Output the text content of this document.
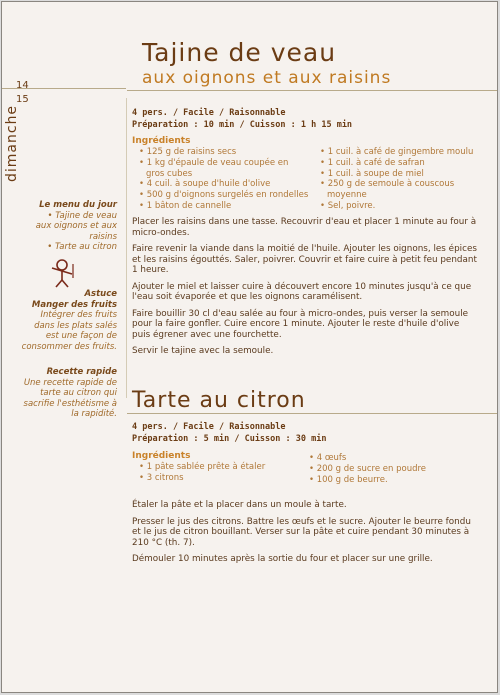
14
15
dimanche
Tajine de veau
aux oignons et aux raisins
4 pers. / Facile / Raisonnable
Préparation : 10 min / Cuisson : 1 h 15 min
Ingrédients
• 125 g de raisins secs
• 1 kg d'épaule de veau coupée en gros cubes
• 4 cuil. à soupe d'huile d'olive
• 500 g d'oignons surgelés en rondelles
• 1 bâton de cannelle
• 1 cuil. à café de gingembre moulu
• 1 cuil. à café de safran
• 1 cuil. à soupe de miel
• 250 g de semoule à couscous moyenne
• Sel, poivre.

Placer les raisins dans une tasse. Recouvrir d'eau et placer 1 minute au four à micro-ondes.

Faire revenir la viande dans la moitié de l'huile. Ajouter les oignons, les épices et les raisins égouttés. Saler, poivrer. Couvrir et faire cuire à petit feu pendant 1 heure.

Ajouter le miel et laisser cuire à découvert encore 10 minutes jusqu'à ce que l'eau soit évaporée et que les oignons caramélisent.

Faire bouillir 30 cl d'eau salée au four à micro-ondes, puis verser la semoule pour la faire gonfler. Cuire encore 1 minute. Ajouter le reste d'huile d'olive puis égrener avec une fourchette.

Servir le tajine avec la semoule.

Le menu du jour
• Tajine de veau
aux oignons et aux
raisins
• Tarte au citron
Astuce
Manger des fruits
Intégrer des fruits
dans les plats salés
est une façon de
consommer des fruits.
Recette rapide
Une recette rapide de
tarte au citron qui
sacrifie l'esthétisme à
la rapidité.
Tarte au citron
4 pers. / Facile / Raisonnable
Préparation : 5 min / Cuisson : 30 min
Ingrédients
• 1 pâte sablée prête à étaler
• 3 citrons
• 4 œufs
• 200 g de sucre en poudre
• 100 g de beurre.

Étaler la pâte et la placer dans un moule à tarte.

Presser le jus des citrons. Battre les œufs et le sucre. Ajouter le beurre fondu et le jus de citron bouillant. Verser sur la pâte et cuire pendant 30 minutes à 210 °C (th. 7).

Démouler 10 minutes après la sortie du four et placer sur une grille.
